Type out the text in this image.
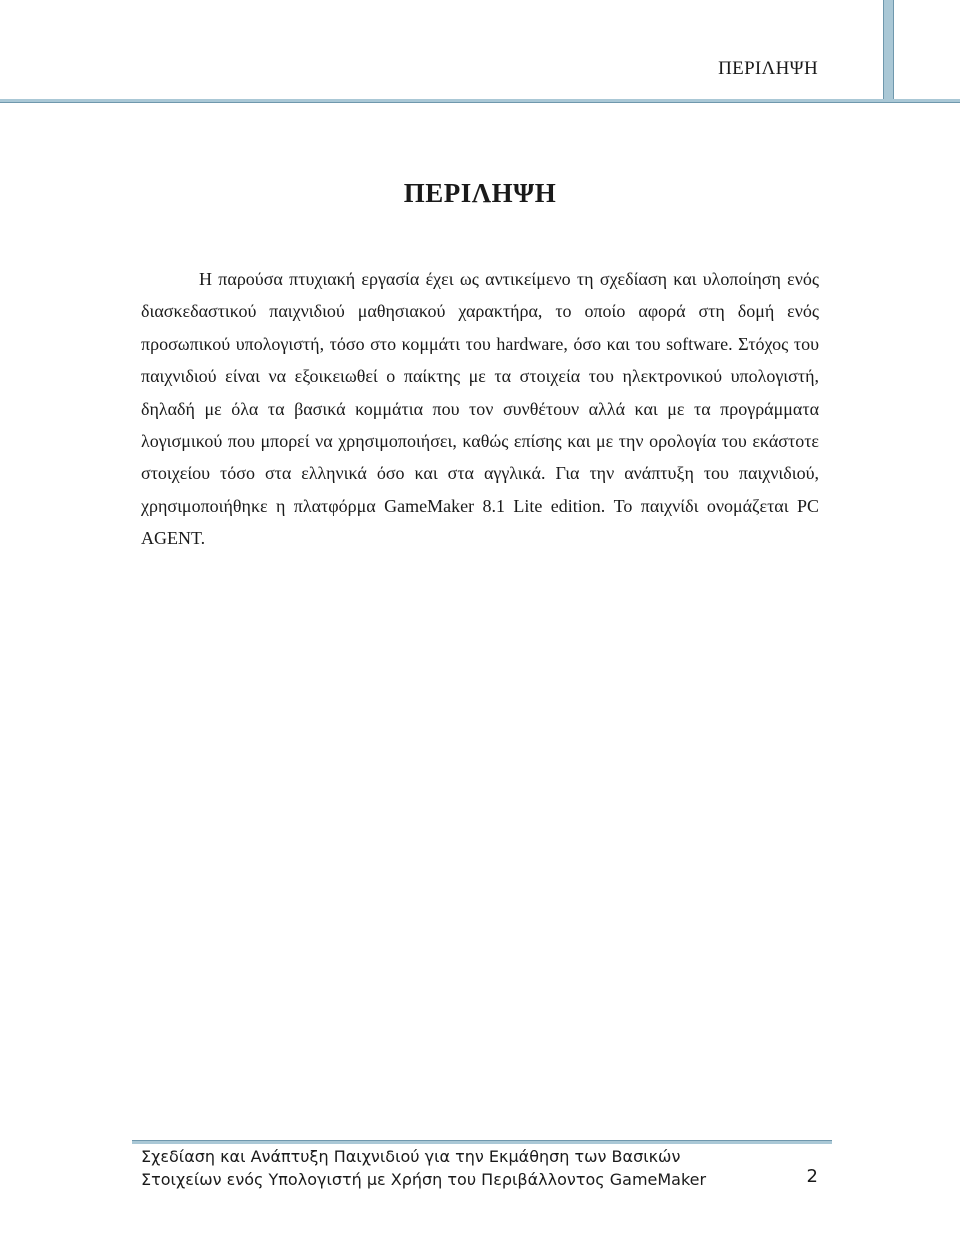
ΠΕΡΙΛΗΨΗ
ΠΕΡΙΛΗΨΗ

Η παρούσα πτυχιακή εργασία έχει ως αντικείμενο τη σχεδίαση και υλοποίηση ενός διασκεδαστικού παιχνιδιού μαθησιακού χαρακτήρα, το οποίο αφορά στη δομή ενός προσωπικού υπολογιστή, τόσο στο κομμάτι του hardware, όσο και του software. Στόχος του παιχνιδιού είναι να εξοικειωθεί ο παίκτης με τα στοιχεία του ηλεκτρονικού υπολογιστή, δηλαδή με όλα τα βασικά κομμάτια που τον συνθέτουν αλλά και με τα προγράμματα λογισμικού που μπορεί να χρησιμοποιήσει, καθώς επίσης και με την ορολογία του εκάστοτε στοιχείου τόσο στα ελληνικά όσο και στα αγγλικά. Για την ανάπτυξη του παιχνιδιού, χρησιμοποιήθηκε η πλατφόρμα GameMaker 8.1 Lite edition. Το παιχνίδι ονομάζεται PC AGENT.

Σχεδίαση και Ανάπτυξη Παιχνιδιού για την Εκμάθηση των Βασικών
Στοιχείων ενός Υπολογιστή με Χρήση του Περιβάλλοντος GameMaker	2
